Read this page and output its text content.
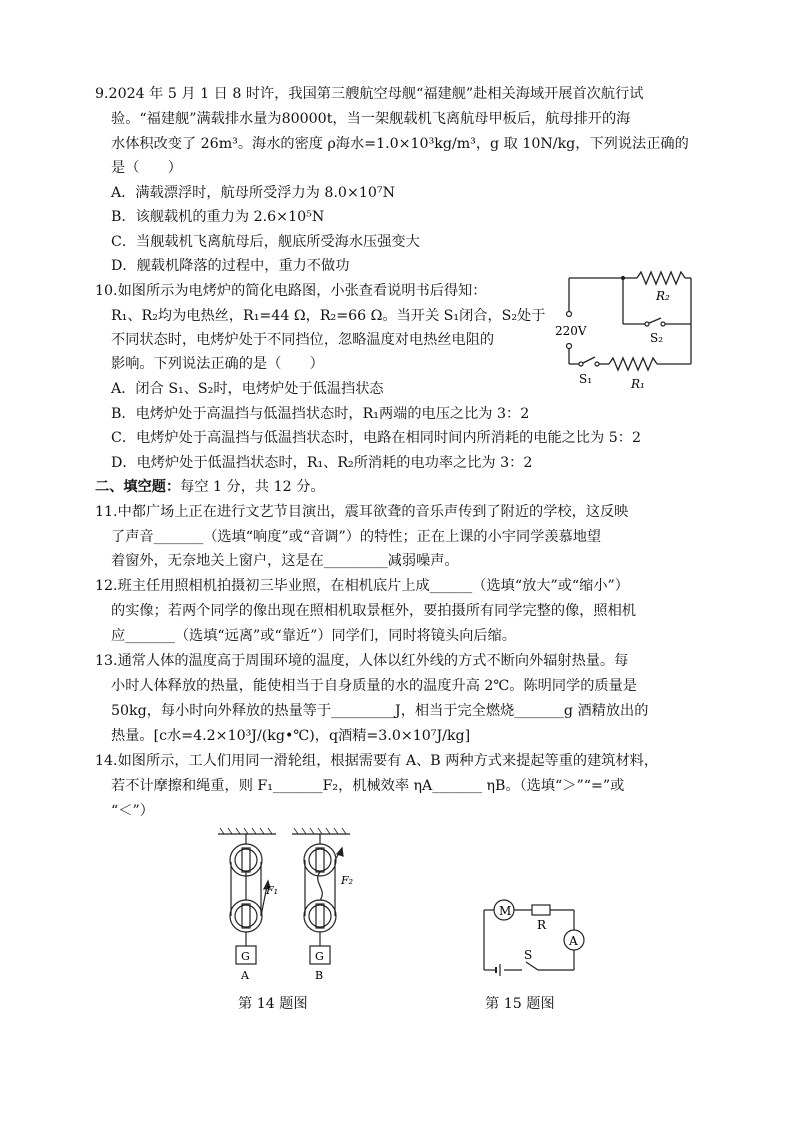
9.2024 年 5 月 1 日 8 时许，我国第三艘航空母舰“福建舰”赴相关海域开展首次航行试
验。“福建舰”满载排水量为80000t，当一架舰载机飞离航母甲板后，航母排开的海
水体积改变了 26m³。海水的密度 ρ海水=1.0×10³kg/m³，g 取 10N/kg，下列说法正确的
是（　　）
A．满载漂浮时，航母所受浮力为 8.0×10⁷N
B．该舰载机的重力为 2.6×10⁵N
C．当舰载机飞离航母后，舰底所受海水压强变大
D．舰载机降落的过程中，重力不做功
10.如图所示为电烤炉的简化电路图，小张查看说明书后得知：
R₁、R₂均为电热丝，R₁=44 Ω，R₂=66 Ω。当开关 S₁闭合，S₂处于
不同状态时，电烤炉处于不同挡位，忽略温度对电热丝电阻的
影响。下列说法正确的是（　　）
A．闭合 S₁、S₂时，电烤炉处于低温挡状态
B．电烤炉处于高温挡与低温挡状态时，R₁两端的电压之比为 3：2
C．电烤炉处于高温挡与低温挡状态时，电路在相同时间内所消耗的电能之比为 5：2
D．电烤炉处于低温挡状态时，R₁、R₂所消耗的电功率之比为 3：2
220V
R₂
S₂
S₁	R₁
二、填空题：每空 1 分，共 12 分。
11.中都广场上正在进行文艺节目演出，震耳欲聋的音乐声传到了附近的学校，这反映
了声音_______（选填“响度”或“音调”）的特性；正在上课的小宇同学羡慕地望
着窗外，无奈地关上窗户，这是在_________减弱噪声。
12.班主任用照相机拍摄初三毕业照，在相机底片上成______（选填“放大”或“缩小”）
的实像；若两个同学的像出现在照相机取景框外，要拍摄所有同学完整的像，照相机
应_______（选填“远离”或“靠近”）同学们，同时将镜头向后缩。
13.通常人体的温度高于周围环境的温度，人体以红外线的方式不断向外辐射热量。每
小时人体释放的热量，能使相当于自身质量的水的温度升高 2℃。陈明同学的质量是
50kg，每小时向外释放的热量等于_________J，相当于完全燃烧_______g 酒精放出的
热量。[c水=4.2×10³J/(kg•℃)，q酒精=3.0×10⁷J/kg]
14.如图所示，工人们用同一滑轮组，根据需要有 A、B 两种方式来提起等重的建筑材料，
若不计摩擦和绳重，则 F₁_______F₂，机械效率 ηA_______ ηB。（选填“＞”“=”或
“＜”）
F₁
F₂
G	G
A	B
第 14 题图
M
R
A
S
第 15 题图
